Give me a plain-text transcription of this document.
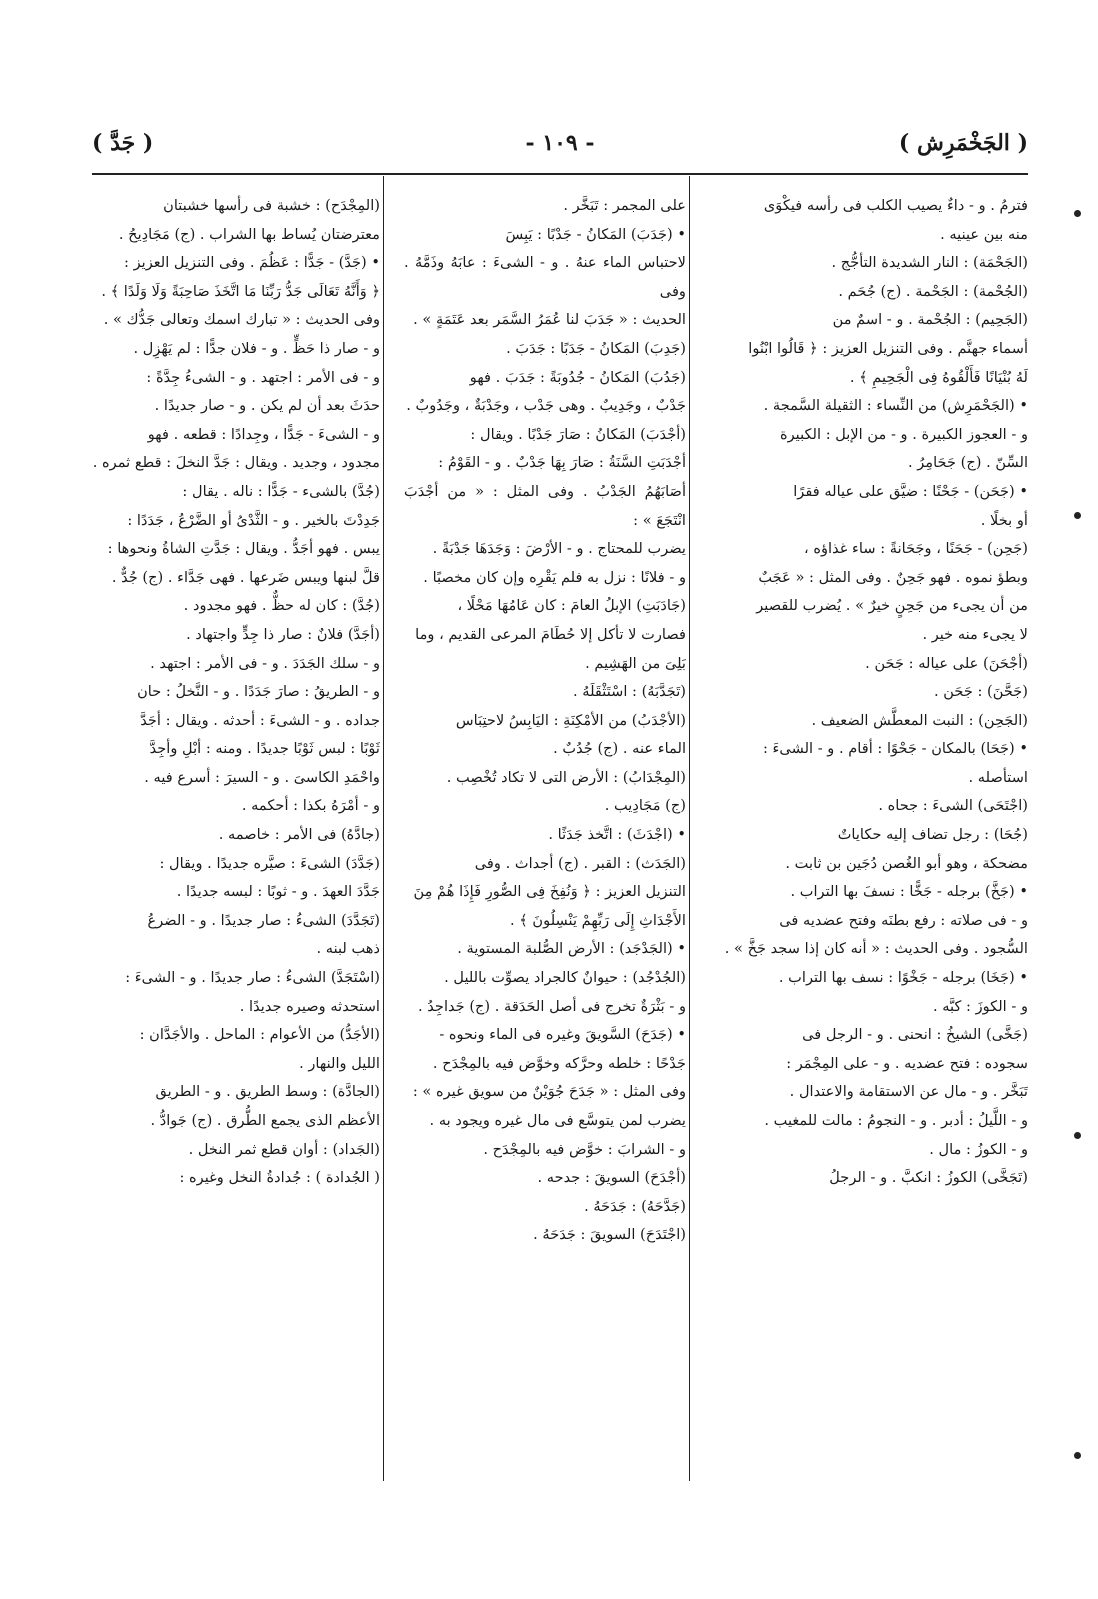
( الجَخْمَرِش )
- ١٠٩ -
( جَدَّ )

فترمُ . و - داءٌ يصيب الكلب فى رأسه فيكْوَى

منه بين عينيه .

(الجَحْمَة) : النار الشديدة التأجُّج .

(الجُحْمة) : الجَحْمة . (ج) جُحَم .

(الجَحِيم) : الجُحْمة . و - اسمٌ من

أسماء جهنَّم . وفى التنزيل العزيز : ﴿ قَالُوا ابْنُوا

لَهُ بُنْيَانًا فَأَلْقُوهُ فِى الْجَحِيمِ ﴾ .

• (الجَحْمَرِش) من النِّساء : الثقيلة السَّمجة .

و - العجوز الكبيرة . و - من الإبل : الكبيرة

السِّنّ . (ج) جَحَامِرُ .

• (جَحَن) - جَحْنًا : ضيَّق على عياله فقرًا

أو بخلًا .

(جَحِن) - جَحَنًا ، وجَحَانةً : ساء غذاؤه ،

وبطؤ نموه . فهو جَحِنٌ . وفى المثل : « عَجَبٌ

من أن يجىء من جَحِنٍ خيرٌ » . يُضرب للقصير

لا يجىء منه خير .

(أجْحَنَ) على عياله : جَحَن .

(جَحَّنَ) : جَحَن .

(الجَحِن) : النبت المعطَّش الضعيف .

• (جَحَا) بالمكان - جَحْوًا : أقام . و - الشىءَ :

استأصله .

(اجْتَحَى) الشىءَ : جحاه .

(جُحَا) : رجل تضاف إليه حكاياتٌ

مضحكة ، وهو أبو الغُصن دُجَين بن ثابت .

• (جَخَّ) برجله - جَخًّا : نسفَ بها التراب .

و - فى صلاته : رفع بطنَه وفتح عضديه فى

السُّجود . وفى الحديث : « أنه كان إذا سجد جَخَّ » .

• (جَخَا) برجله - جَخْوًا : نسف بها التراب .

و - الكوزَ : كبَّه .

(جَخَّى) الشيخُ : انحنى . و - الرجل فى

سجوده : فتح عضديه . و - على المِجْمَر :

تَبَخَّر . و - مال عن الاستقامة والاعتدال .

و - اللَّيلُ : أدبر . و - النجومُ : مالت للمغيب .

و - الكوزُ : مال .

(تَجَخَّى) الكوزُ : انكبَّ . و - الرجلُ

على المجمر : تَبَخَّر .

• (جَدَبَ) المَكانُ - جَدْبًا : يَبِسَ

لاحتباس الماء عنهُ . و - الشىءَ : عابَهُ وذَمَّهُ . وفى

الحديث : « جَدَبَ لنا عُمَرُ السَّمَر بعد عَتَمَةٍ » .

(جَدِبَ) المَكانُ - جَدَبًا : جَدَبَ .

(جَدُبَ) المَكانُ - جُدُوبَةً : جَدَبَ . فهو

جَدْبٌ ، وجَدِيبٌ . وهى جَدْب ، وجَدْبَةٌ ، وجَدُوبٌ .

(أجْدَبَ) المَكانُ : صَارَ جَدْبًا . ويقال :

أجْدَبَتِ السَّنَةُ : صَارَ بِهَا جَدْبٌ . و - القَوْمُ :

أصَابَهُمُ الجَدْبُ . وفى المثل : « من أجْدَبَ انْتَجَعَ » :

يضرب للمحتاج . و - الأرْضَ : وَجَدَهَا جَدْبَةً .

و - فلانًا : نزل به فلم يَقْرِه وإن كان مخصبًا .

(جَادَبَتِ) الإبلُ العامَ : كان عَامُهَا مَحْلًا ،

فصارت لا تأكل إلا حُطَامَ المرعى القديم ، وما

بَلِىَ من الهَشِيم .

(تَجَدَّبَهُ) : اسْتَثْقَلَهُ .

(الأجْدَبُ) من الأمْكِنَةِ : اليَابِسُ لاحتِبَاس

الماء عنه . (ج) جُدُبٌ .

(المِجْدَابُ) : الأرض التى لا تكاد تُخْصِب .

(ج) مَجَادِيب .

• (اجْدَثَ) : اتَّخذ جَدَثًا .

(الجَدَث) : القبر . (ج) أجداث . وفى

التنزيل العزيز : ﴿ وَنُفِخَ فِى الصُّورِ فَإِذَا هُمْ مِنَ

الأَجْدَاثِ إِلَى رَبِّهِمْ يَنْسِلُونَ ﴾ .

• (الجَدْجَد) : الأرض الصُّلبة المستوية .

(الجُدْجُد) : حيوانٌ كالجراد يصوِّت بالليل .

و - بَثْرَةٌ تخرج فى أصل الحَدَقة . (ج) جَداجِدُ .

• (جَدَحَ) السَّويقَ وغيره فى الماء ونحوه -

جَدْحًا : خلطه وحرَّكه وخوَّض فيه بالمِجْدَح .

وفى المثل : « جَدَحَ جُوَيْنٌ من سويق غيره » :

يضرب لمن يتوسَّع فى مال غيره ويجود به .

و - الشرابَ : خوَّض فيه بالمِجْدَح .

(أجْدَحَ) السويقَ : جدحه .

(جَدَّحَهُ) : جَدَحَهُ .

(اجْتَدَحَ) السويقَ : جَدَحَهُ .

(المِجْدَح) : خشبة فى رأسها خشبتان

معترضتان يُساط بها الشراب . (ج) مَجَادِيحُ .

• (جَدَّ) - جَدًّا : عَظُمَ . وفى التنزيل العزيز :

﴿ وَأَنَّهُ تَعَالَى جَدُّ رَبِّنَا مَا اتَّخَذَ صَاحِبَةً وَلَا وَلَدًا ﴾ .

وفى الحديث : « تبارك اسمك وتعالى جَدُّك » .

و - صار ذا حَظٍّ . و - فلان جدًّا : لم يَهْزِل .

و - فى الأمر : اجتهد . و - الشىءُ جِدَّةً :

حدَثَ بعد أن لم يكن . و - صار جديدًا .

و - الشىءَ - جَدًّا ، وجِدادًا : قطعه . فهو

مجدود ، وجديد . ويقال : جَدَّ النخلَ : قطع ثمره .

(جُدَّ) بالشىء - جَدًّا : ناله . يقال :

جَدِدْتَ بالخير . و - الثَّدْىُ أو الضَّرْعُ ، جَدَدًا :

يبس . فهو أجَدُّ . ويقال : جَدَّتِ الشاةُ ونحوها :

قلَّ لبنها ويبس ضَرعها . فهى جَدَّاء . (ج) جُدٌّ .

(جُدَّ) : كان له حظٌّ . فهو مجدود .

(أجَدَّ) فلانٌ : صار ذا جِدٍّ واجتهاد .

و - سلك الجَدَدَ . و - فى الأمر : اجتهد .

و - الطريقُ : صارَ جَدَدًا . و - النَّخلُ : حان

جداده . و - الشىءَ : أحدثه . ويقال : أجَدَّ

ثَوْبًا : لبس ثَوْبًا جديدًا . ومنه : أبْلِ وأجِدَّ

واحْمَدِ الكاسىَ . و - السيرَ : أسرع فيه .

و - أمْرَهُ بكذا : أحكمه .

(جادَّهُ) فى الأمر : خاصمه .

(جَدَّدَ) الشىءَ : صيَّره جديدًا . ويقال :

جَدَّدَ العهدَ . و - ثوبًا : لبسه جديدًا .

(تَجَدَّدَ) الشىءُ : صار جديدًا . و - الضرعُ

ذهب لبنه .

(اسْتَجَدَّ) الشىءُ : صار جديدًا . و - الشىءَ :

استحدثه وصيره جديدًا .

(الأجَدُّ) من الأعوام : الماحل . والأجَدَّان :

الليل والنهار .

(الجادَّة) : وسط الطريق . و - الطريق

الأعظم الذى يجمع الطُّرق . (ج) جَوادُّ .

(الجَداد) : أوان قطع ثمر النخل .

( الجُدادة ) : جُدادةُ النخل وغيره :
